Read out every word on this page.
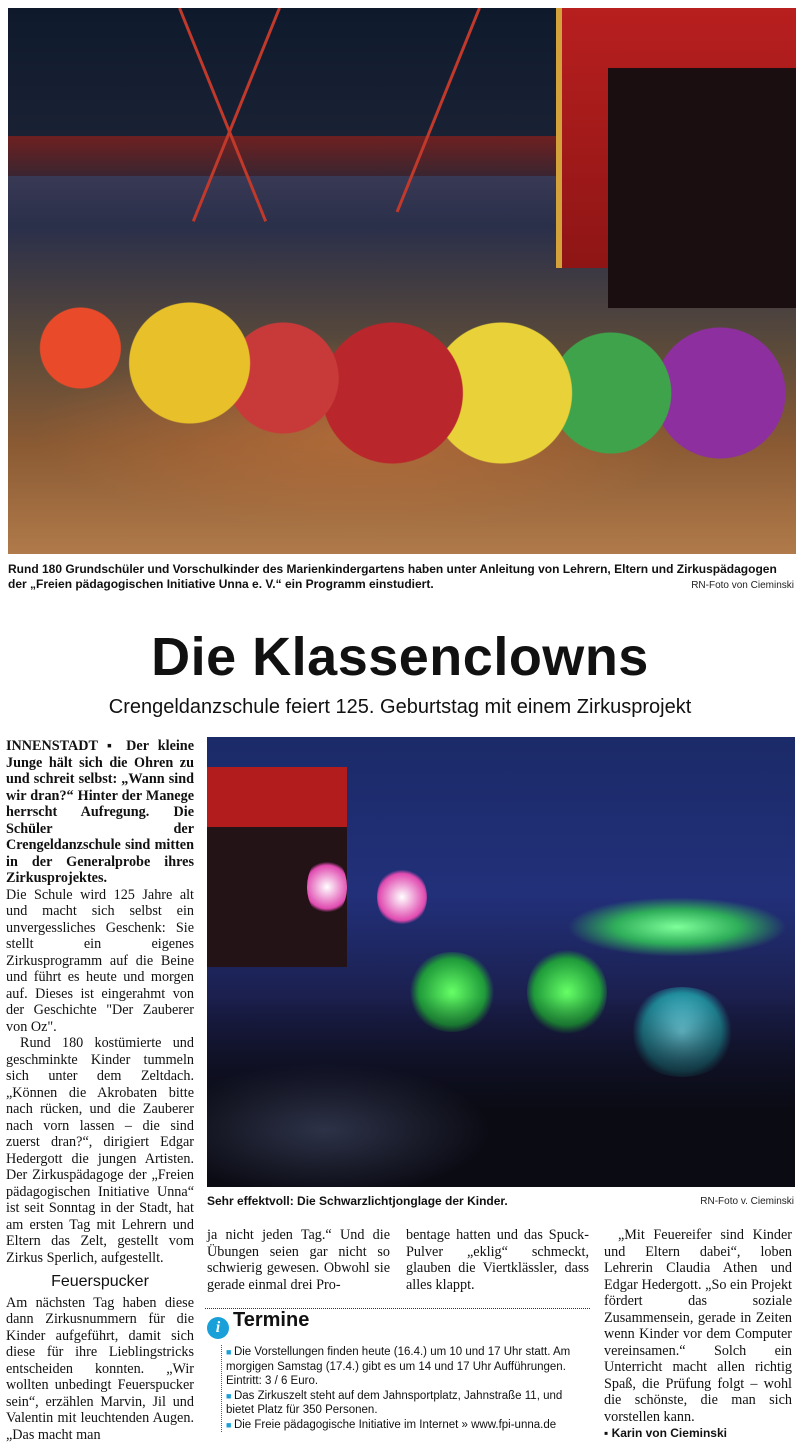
Rund 180 Grundschüler und Vorschulkinder des Marienkindergartens haben unter Anleitung von Lehrern, Eltern und Zirkuspädagogen der „Freien pädagogischen Initiative Unna e. V.“ ein Programm einstudiert.	RN-Foto von Cieminski
Die Klassenclowns
Crengeldanzschule feiert 125. Geburtstag mit einem Zirkusprojekt

INNENSTADT ▪ Der kleine Junge hält sich die Ohren zu und schreit selbst: „Wann sind wir dran?“ Hinter der Manege herrscht Aufregung. Die Schüler der Crengeldanzschule sind mitten in der Generalprobe ihres Zirkusprojektes.

Die Schule wird 125 Jahre alt und macht sich selbst ein unvergessliches Geschenk: Sie stellt ein eigenes Zirkusprogramm auf die Beine und führt es heute und morgen auf. Dieses ist eingerahmt von der Geschichte "Der Zauberer von Oz".

Rund 180 kostümierte und geschminkte Kinder tummeln sich unter dem Zeltdach. „Können die Akrobaten bitte nach rücken, und die Zauberer nach vorn lassen – die sind zuerst dran?“, dirigiert Edgar Hedergott die jungen Artisten. Der Zirkuspädagoge der „Freien pädagogischen Initiative Unna“ ist seit Sonntag in der Stadt, hat am ersten Tag mit Lehrern und Eltern das Zelt, gestellt vom Zirkus Sperlich, aufgestellt.

Feuerspucker

Am nächsten Tag haben diese dann Zirkusnummern für die Kinder aufgeführt, damit sich diese für ihre Lieblingstricks entscheiden konnten. „Wir wollten unbedingt Feuerspucker sein“, erzählen Marvin, Jil und Valentin mit leuchtenden Augen. „Das macht man

Sehr effektvoll: Die Schwarzlichtjonglage der Kinder.	RN-Foto v. Cieminski

ja nicht jeden Tag.“ Und die Übungen seien gar nicht so schwierig gewesen. Obwohl sie gerade einmal drei Pro-

bentage hatten und das Spuck-Pulver „eklig“ schmeckt, glauben die Viertklässler, dass alles klappt.

„Mit Feuereifer sind Kinder und Eltern dabei“, loben Lehrerin Claudia Athen und Edgar Hedergott. „So ein Projekt fördert das soziale Zusammensein, gerade in Zeiten wenn Kinder vor dem Computer vereinsamen.“ Solch ein Unterricht macht allen richtig Spaß, die Prüfung folgt – wohl die schönste, die man sich vorstellen kann.

▪ Karin von Cieminski

i Termine
■ Die Vorstellungen finden heute (16.4.) um 10 und 17 Uhr statt. Am morgigen Samstag (17.4.) gibt es um 14 und 17 Uhr Aufführungen. Eintritt: 3 / 6 Euro.
■ Das Zirkuszelt steht auf dem Jahnsportplatz, Jahnstraße 11, und bietet Platz für 350 Personen.
■ Die Freie pädagogische Initiative im Internet » www.fpi-unna.de
